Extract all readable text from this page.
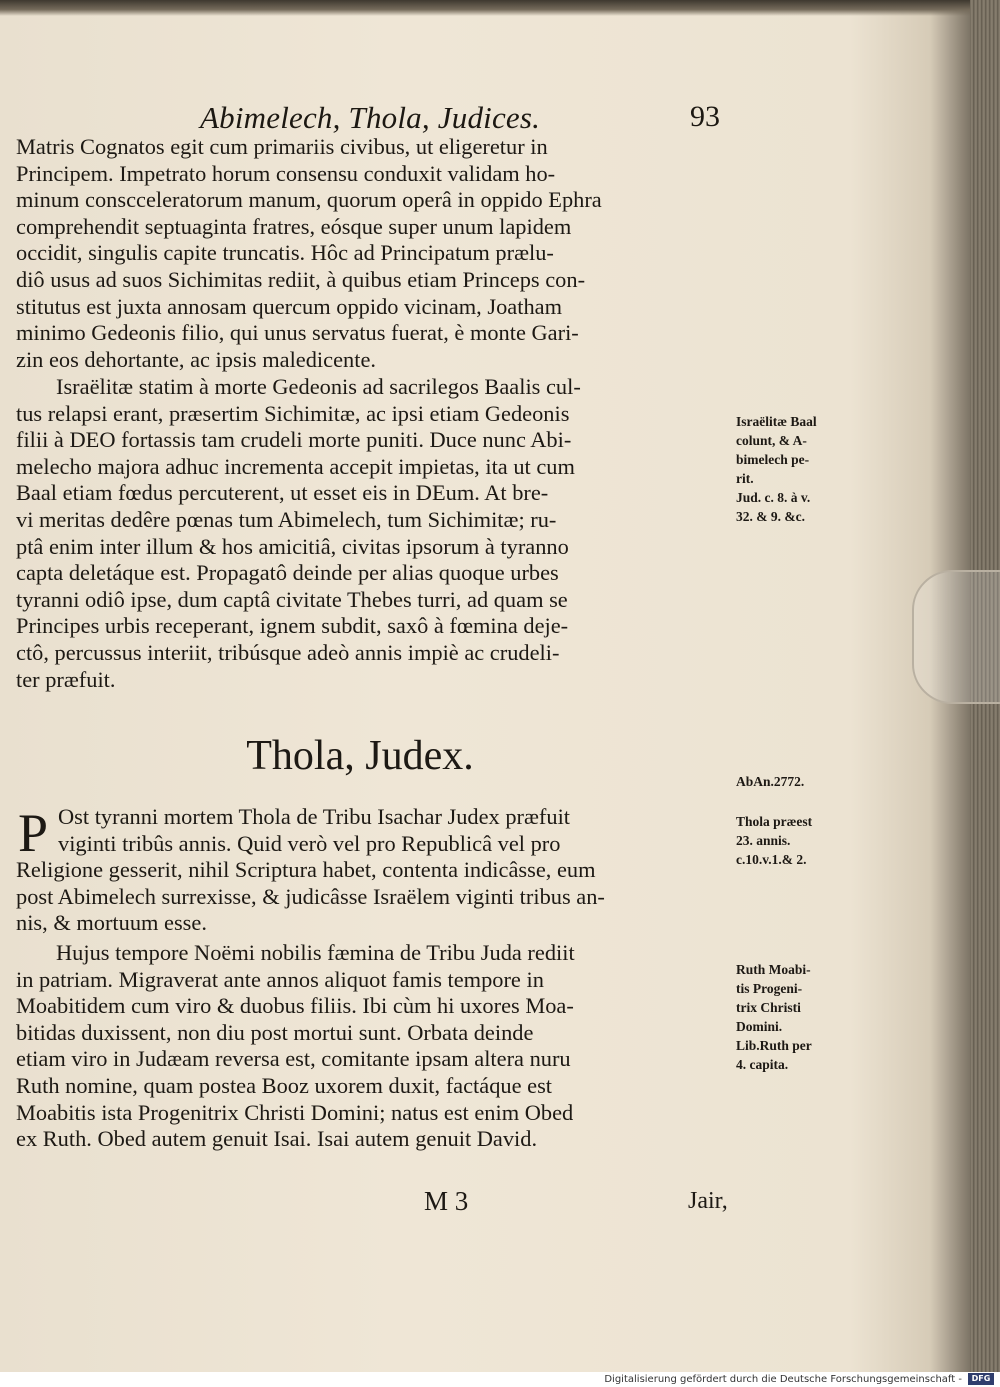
Abimelech, Thola, Judices.	93
Matris Cognatos egit cum primariis civibus, ut eligeretur in
Principem. Impetrato horum consensu conduxit validam ho-
minum conscceleratorum manum, quorum operâ in oppido Ephra
comprehendit septuaginta fratres, eósque super unum lapidem
occidit, singulis capite truncatis. Hôc ad Principatum prælu-
diô usus ad suos Sichimitas rediit, à quibus etiam Princeps con-
stitutus est juxta annosam quercum oppido vicinam, Joatham
minimo Gedeonis filio, qui unus servatus fuerat, è monte Gari-
zin eos dehortante, ac ipsis maledicente.
Israëlitæ statim à morte Gedeonis ad sacrilegos Baalis cul-
tus relapsi erant, præsertim Sichimitæ, ac ipsi etiam Gedeonis
filii à DEO fortassis tam crudeli morte puniti. Duce nunc Abi-
melecho majora adhuc incrementa accepit impietas, ita ut cum
Baal etiam fœdus percuterent, ut esset eis in DEum. At bre-
vi meritas dedêre pœnas tum Abimelech, tum Sichimitæ; ru-
ptâ enim inter illum & hos amicitiâ, civitas ipsorum à tyranno
capta deletáque est. Propagatô deinde per alias quoque urbes
tyranni odiô ipse, dum captâ civitate Thebes turri, ad quam se
Principes urbis receperant, ignem subdit, saxô à fœmina deje-
ctô, percussus interiit, tribúsque adeò annis impiè ac crudeli-
ter præfuit.
Thola, Judex.
P Ost tyranni mortem Thola de Tribu Isachar Judex præfuit
viginti tribûs annis. Quid verò vel pro Republicâ vel pro
Religione gesserit, nihil Scriptura habet, contenta indicâsse, eum
post Abimelech surrexisse, & judicâsse Israëlem viginti tribus an-
nis, & mortuum esse.
Hujus tempore Noëmi nobilis fæmina de Tribu Juda rediit
in patriam. Migraverat ante annos aliquot famis tempore in
Moabitidem cum viro & duobus filiis. Ibi cùm hi uxores Moa-
bitidas duxissent, non diu post mortui sunt. Orbata deinde
etiam viro in Judæam reversa est, comitante ipsam altera nuru
Ruth nomine, quam postea Booz uxorem duxit, factáque est
Moabitis ista Progenitrix Christi Domini; natus est enim Obed
ex Ruth. Obed autem genuit Isai. Isai autem genuit David.
Israëlitæ Baal
colunt, & A-
bimelech pe-
rit.
Jud. c. 8. à v.
32. & 9. &c.
AbAn.2772.
Thola præest
23. annis.
c.10.v.1.& 2.
Ruth Moabi-
tis Progeni-
trix Christi
Domini.
Lib.Ruth per
4. capita.
M 3	Jair,
Digitalisierung gefördert durch die Deutsche Forschungsgemeinschaft -	DFG
